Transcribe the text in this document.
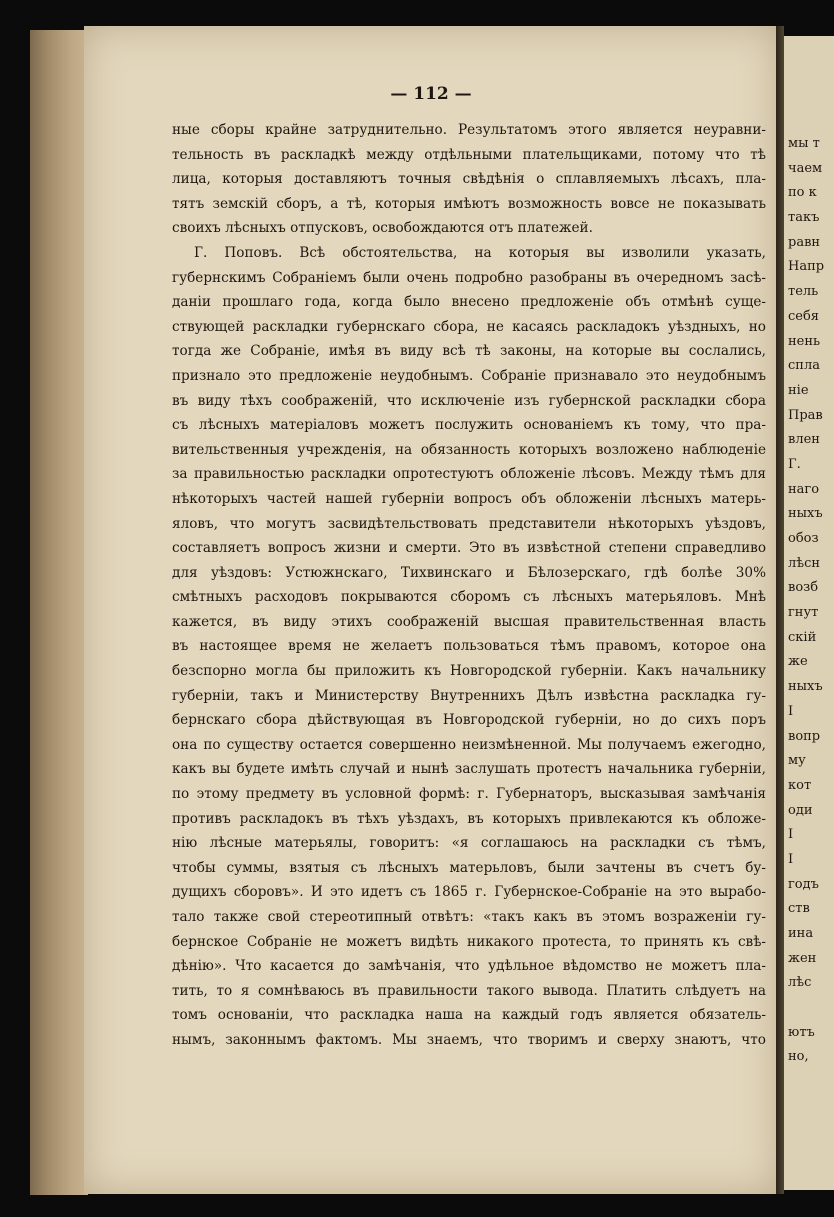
— 112 —
ные сборы крайне затруднительно. Результатомъ этого является неуравни-
тельность въ раскладкѣ между отдѣльными плательщиками, потому что тѣ
лица, которыя доставляютъ точныя свѣдѣнія о сплавляемыхъ лѣсахъ, пла-
тятъ земскій сборъ, а тѣ, которыя имѣютъ возможность вовсе не показывать
своихъ лѣсныхъ отпусковъ, освобождаются отъ платежей.
Г. Поповъ. Всѣ обстоятельства, на которыя вы изволили указать,
губернскимъ Собраніемъ были очень подробно разобраны въ очередномъ засѣ-
даніи прошлаго года, когда было внесено предложеніе объ отмѣнѣ суще-
ствующей раскладки губернскаго сбора, не касаясь раскладокъ уѣздныхъ, но
тогда же Собраніе, имѣя въ виду всѣ тѣ законы, на которые вы сослались,
признало это предложеніе неудобнымъ. Собраніе признавало это неудобнымъ
въ виду тѣхъ соображеній, что исключеніе изъ губернской раскладки сбора
съ лѣсныхъ матеріаловъ можетъ послужить основаніемъ къ тому, что пра-
вительственныя учрежденія, на обязанность которыхъ возложено наблюденіе
за правильностью раскладки опротестуютъ обложеніе лѣсовъ. Между тѣмъ для
нѣкоторыхъ частей нашей губерніи вопросъ объ обложеніи лѣсныхъ матерь-
яловъ, что могутъ засвидѣтельствовать представители нѣкоторыхъ уѣздовъ,
составляетъ вопросъ жизни и смерти. Это въ извѣстной степени справедливо
для уѣздовъ: Устюжнскаго, Тихвинскаго и Бѣлозерскаго, гдѣ болѣе 30%
смѣтныхъ расходовъ покрываются сборомъ съ лѣсныхъ матерьяловъ. Мнѣ
кажется, въ виду этихъ соображеній высшая правительственная власть
въ настоящее время не желаетъ пользоваться тѣмъ правомъ, которое она
безспорно могла бы приложить къ Новгородской губерніи. Какъ начальнику
губерніи, такъ и Министерству Внутреннихъ Дѣлъ извѣстна раскладка гу-
бернскаго сбора дѣйствующая въ Новгородской губерніи, но до сихъ поръ
она по существу остается совершенно неизмѣненной. Мы получаемъ ежегодно,
какъ вы будете имѣть случай и нынѣ заслушать протестъ начальника губерніи,
по этому предмету въ условной формѣ: г. Губернаторъ, высказывая замѣчанія
противъ раскладокъ въ тѣхъ уѣздахъ, въ которыхъ привлекаются къ обложе-
нію лѣсные матерьялы, говоритъ: «я соглашаюсь на раскладки съ тѣмъ,
чтобы суммы, взятыя съ лѣсныхъ матерьловъ, были зачтены въ счетъ бу-
дущихъ сборовъ». И это идетъ съ 1865 г. Губернское-Собраніе на это вырабо-
тало также свой стереотипный отвѣтъ: «такъ какъ въ этомъ возраженіи гу-
бернское Собраніе не можетъ видѣть никакого протеста, то принять къ свѣ-
дѣнію». Что касается до замѣчанія, что удѣльное вѣдомство не можетъ пла-
тить, то я сомнѣваюсь въ правильности такого вывода. Платить слѣдуетъ на
томъ основаніи, что раскладка наша на каждый годъ является обязатель-
нымъ, законнымъ фактомъ. Мы знаемъ, что творимъ и сверху знаютъ, что
мы т
чаем
по к
такъ
равн
Напр
тель
себя
нень
спла
ніе
Прав
влен
Г.
наго
ныхъ
обоз
лѣсн
возб
гнут
скій
же
ныхъ
І
вопр
му
кот
оди
І
І
годъ
ств
ина
жен
лѣс
ютъ
но,
